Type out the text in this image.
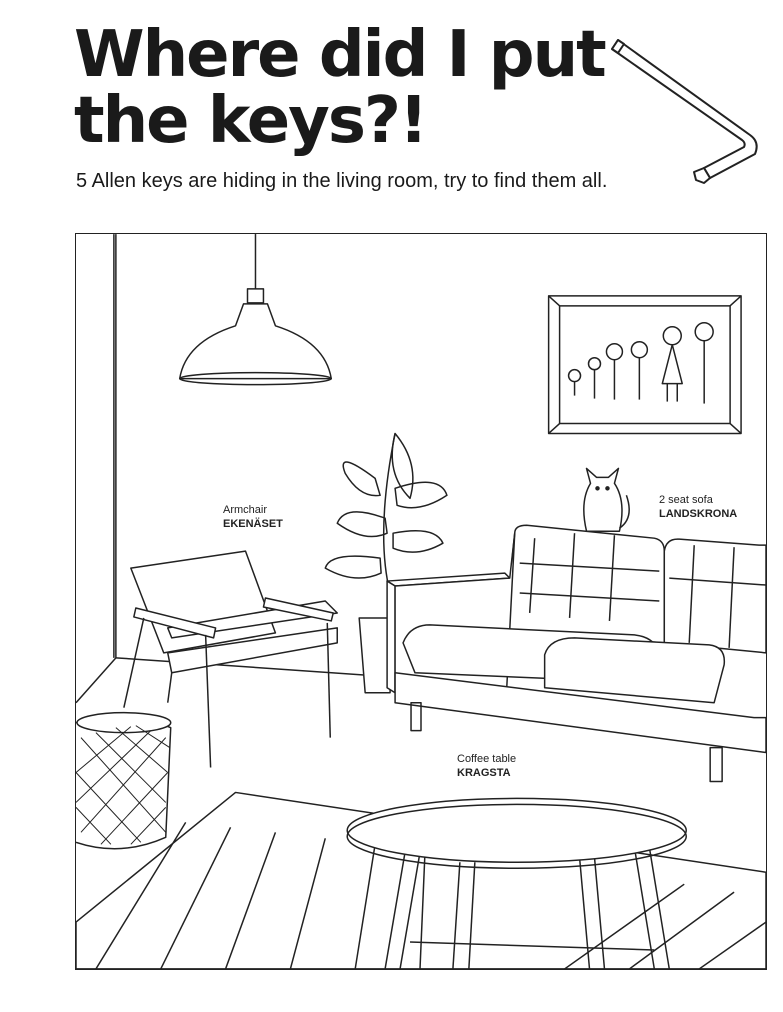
Where did I put
the keys?!

5 Allen keys are hiding in the living room, try to find them all.

Armchair
EKENÄSET
2 seat sofa
LANDSKRONA
Coffee table
KRAGSTA
